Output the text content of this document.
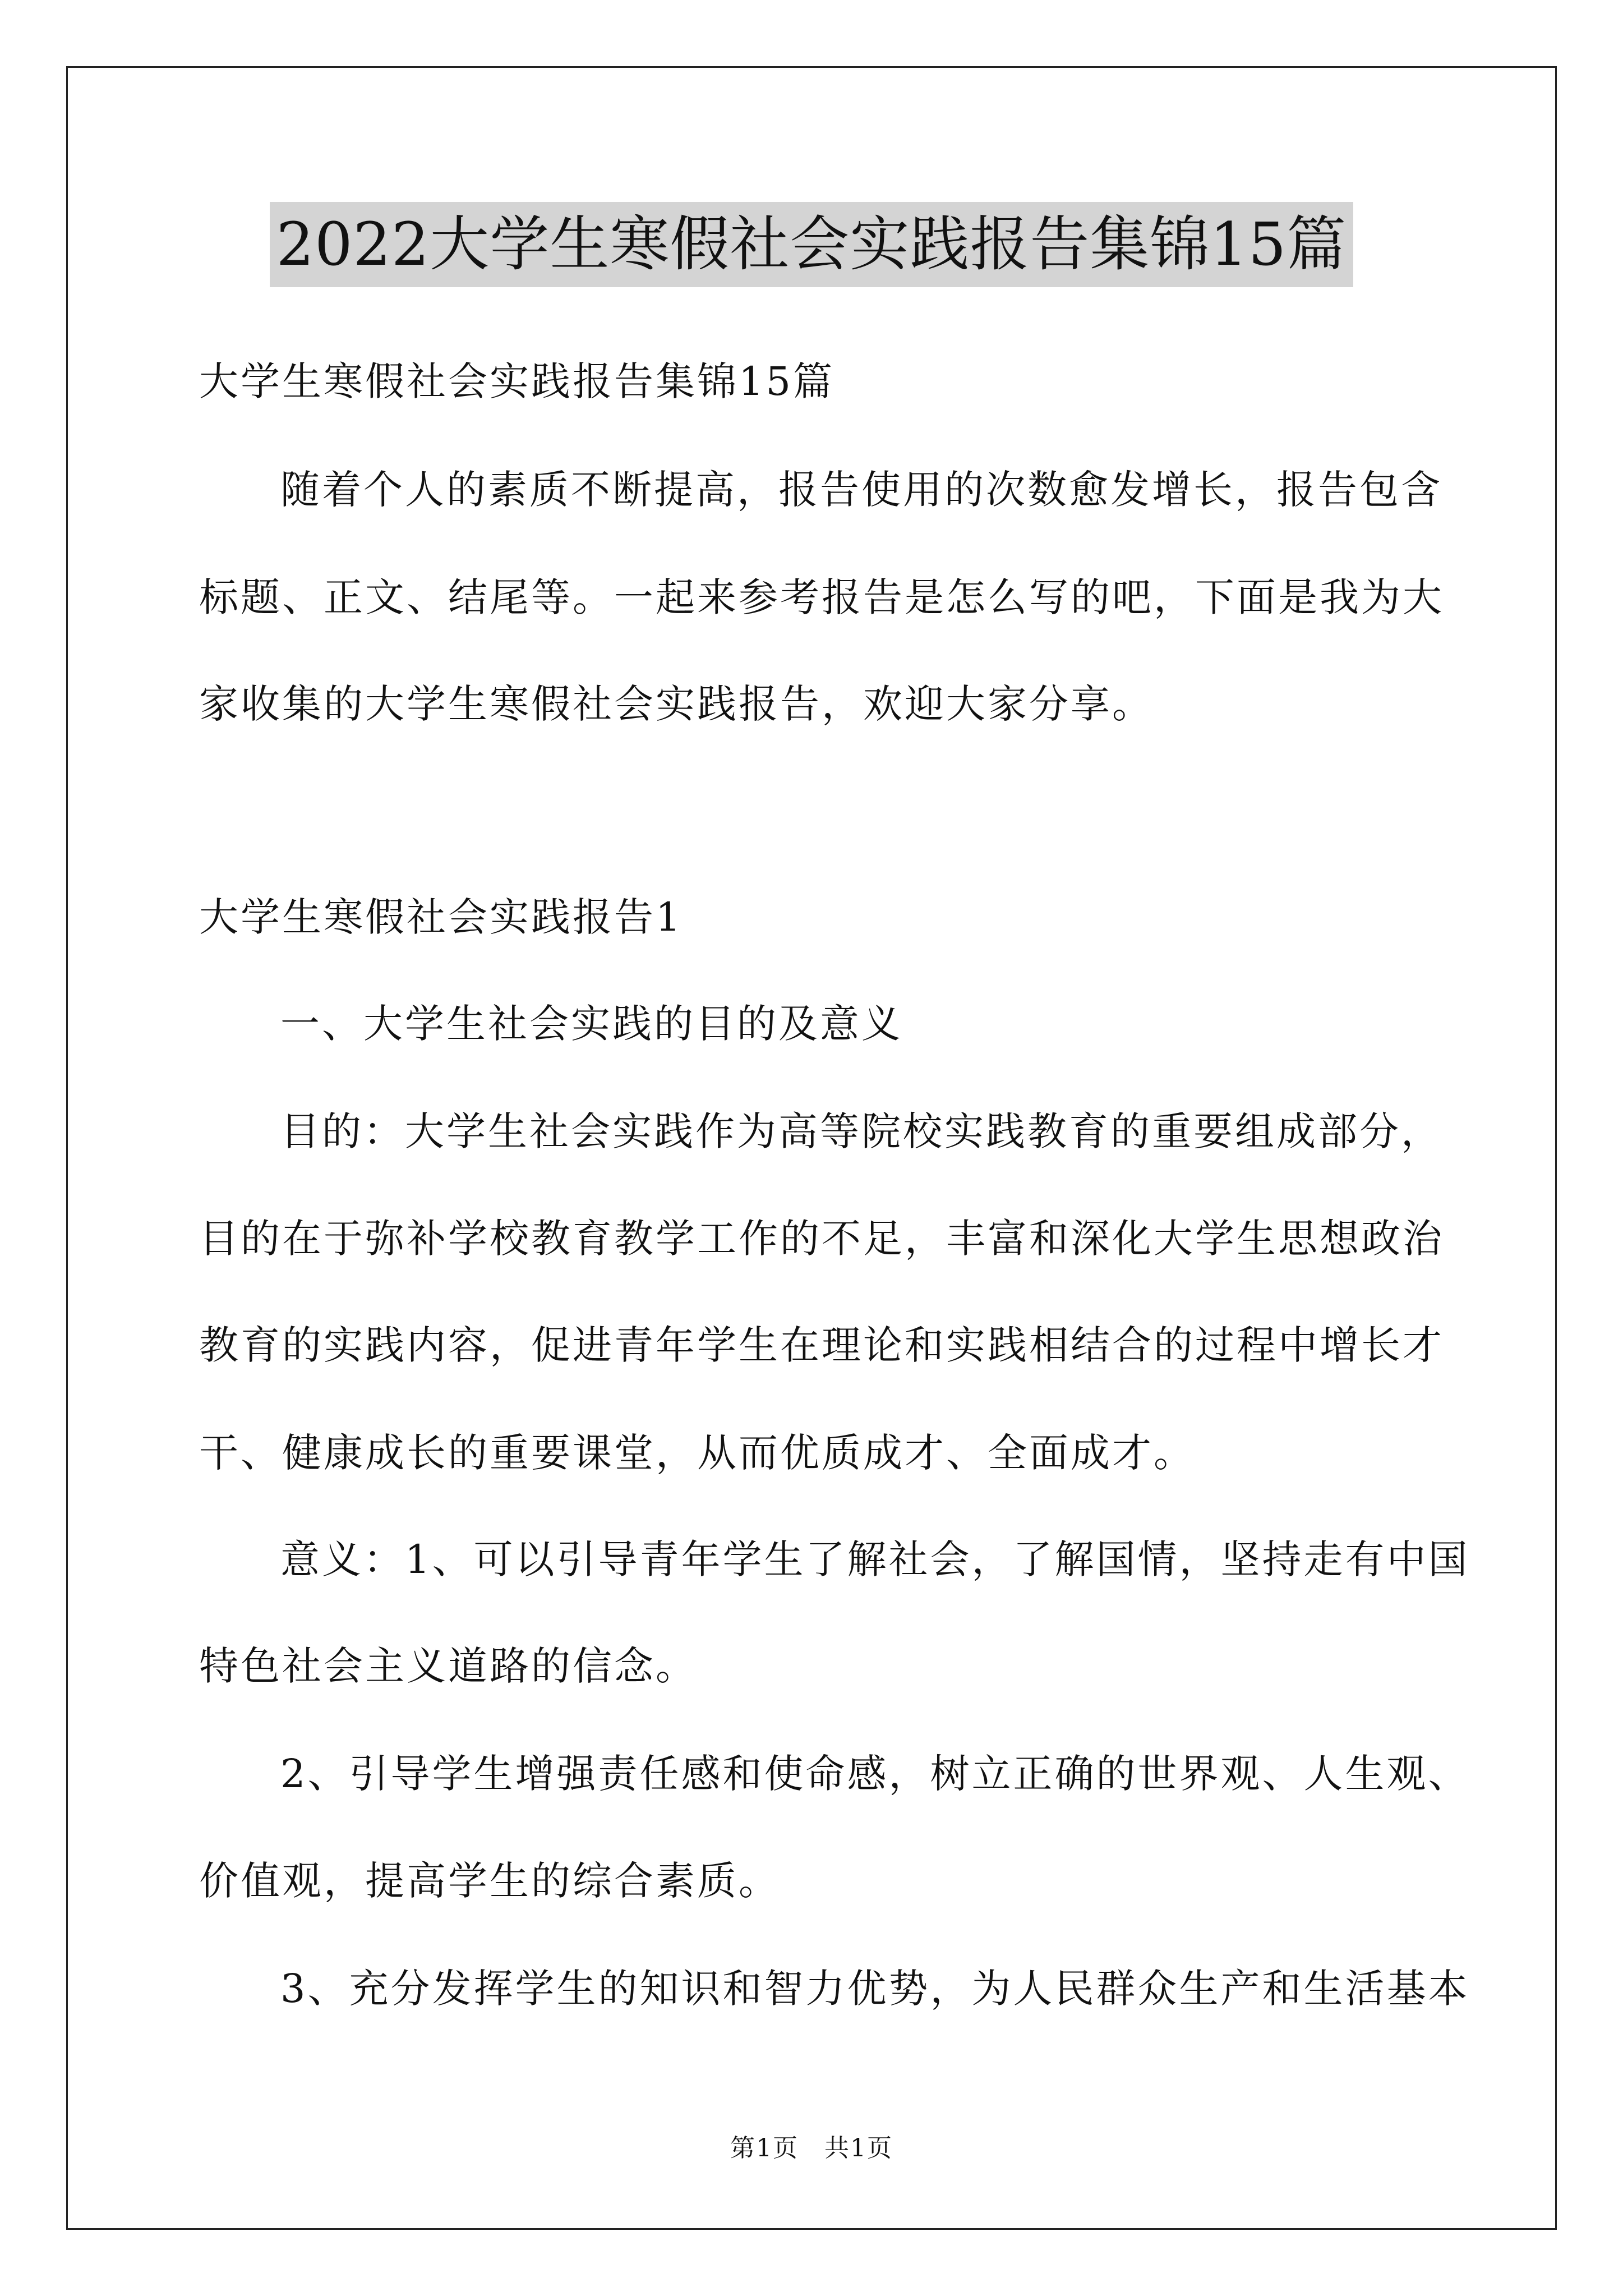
2022大学生寒假社会实践报告集锦15篇
大学生寒假社会实践报告集锦15篇
随着个人的素质不断提高，报告使用的次数愈发增长，报告包含
标题、正文、结尾等。一起来参考报告是怎么写的吧，下面是我为大
家收集的大学生寒假社会实践报告，欢迎大家分享。
大学生寒假社会实践报告1
一、大学生社会实践的目的及意义
目的：大学生社会实践作为高等院校实践教育的重要组成部分，
目的在于弥补学校教育教学工作的不足，丰富和深化大学生思想政治
教育的实践内容，促进青年学生在理论和实践相结合的过程中增长才
干、健康成长的重要课堂，从而优质成才、全面成才。
意义：1、可以引导青年学生了解社会，了解国情，坚持走有中国
特色社会主义道路的信念。
2、引导学生增强责任感和使命感，树立正确的世界观、人生观、
价值观，提高学生的综合素质。
3、充分发挥学生的知识和智力优势，为人民群众生产和生活基本
第1页　共1页
